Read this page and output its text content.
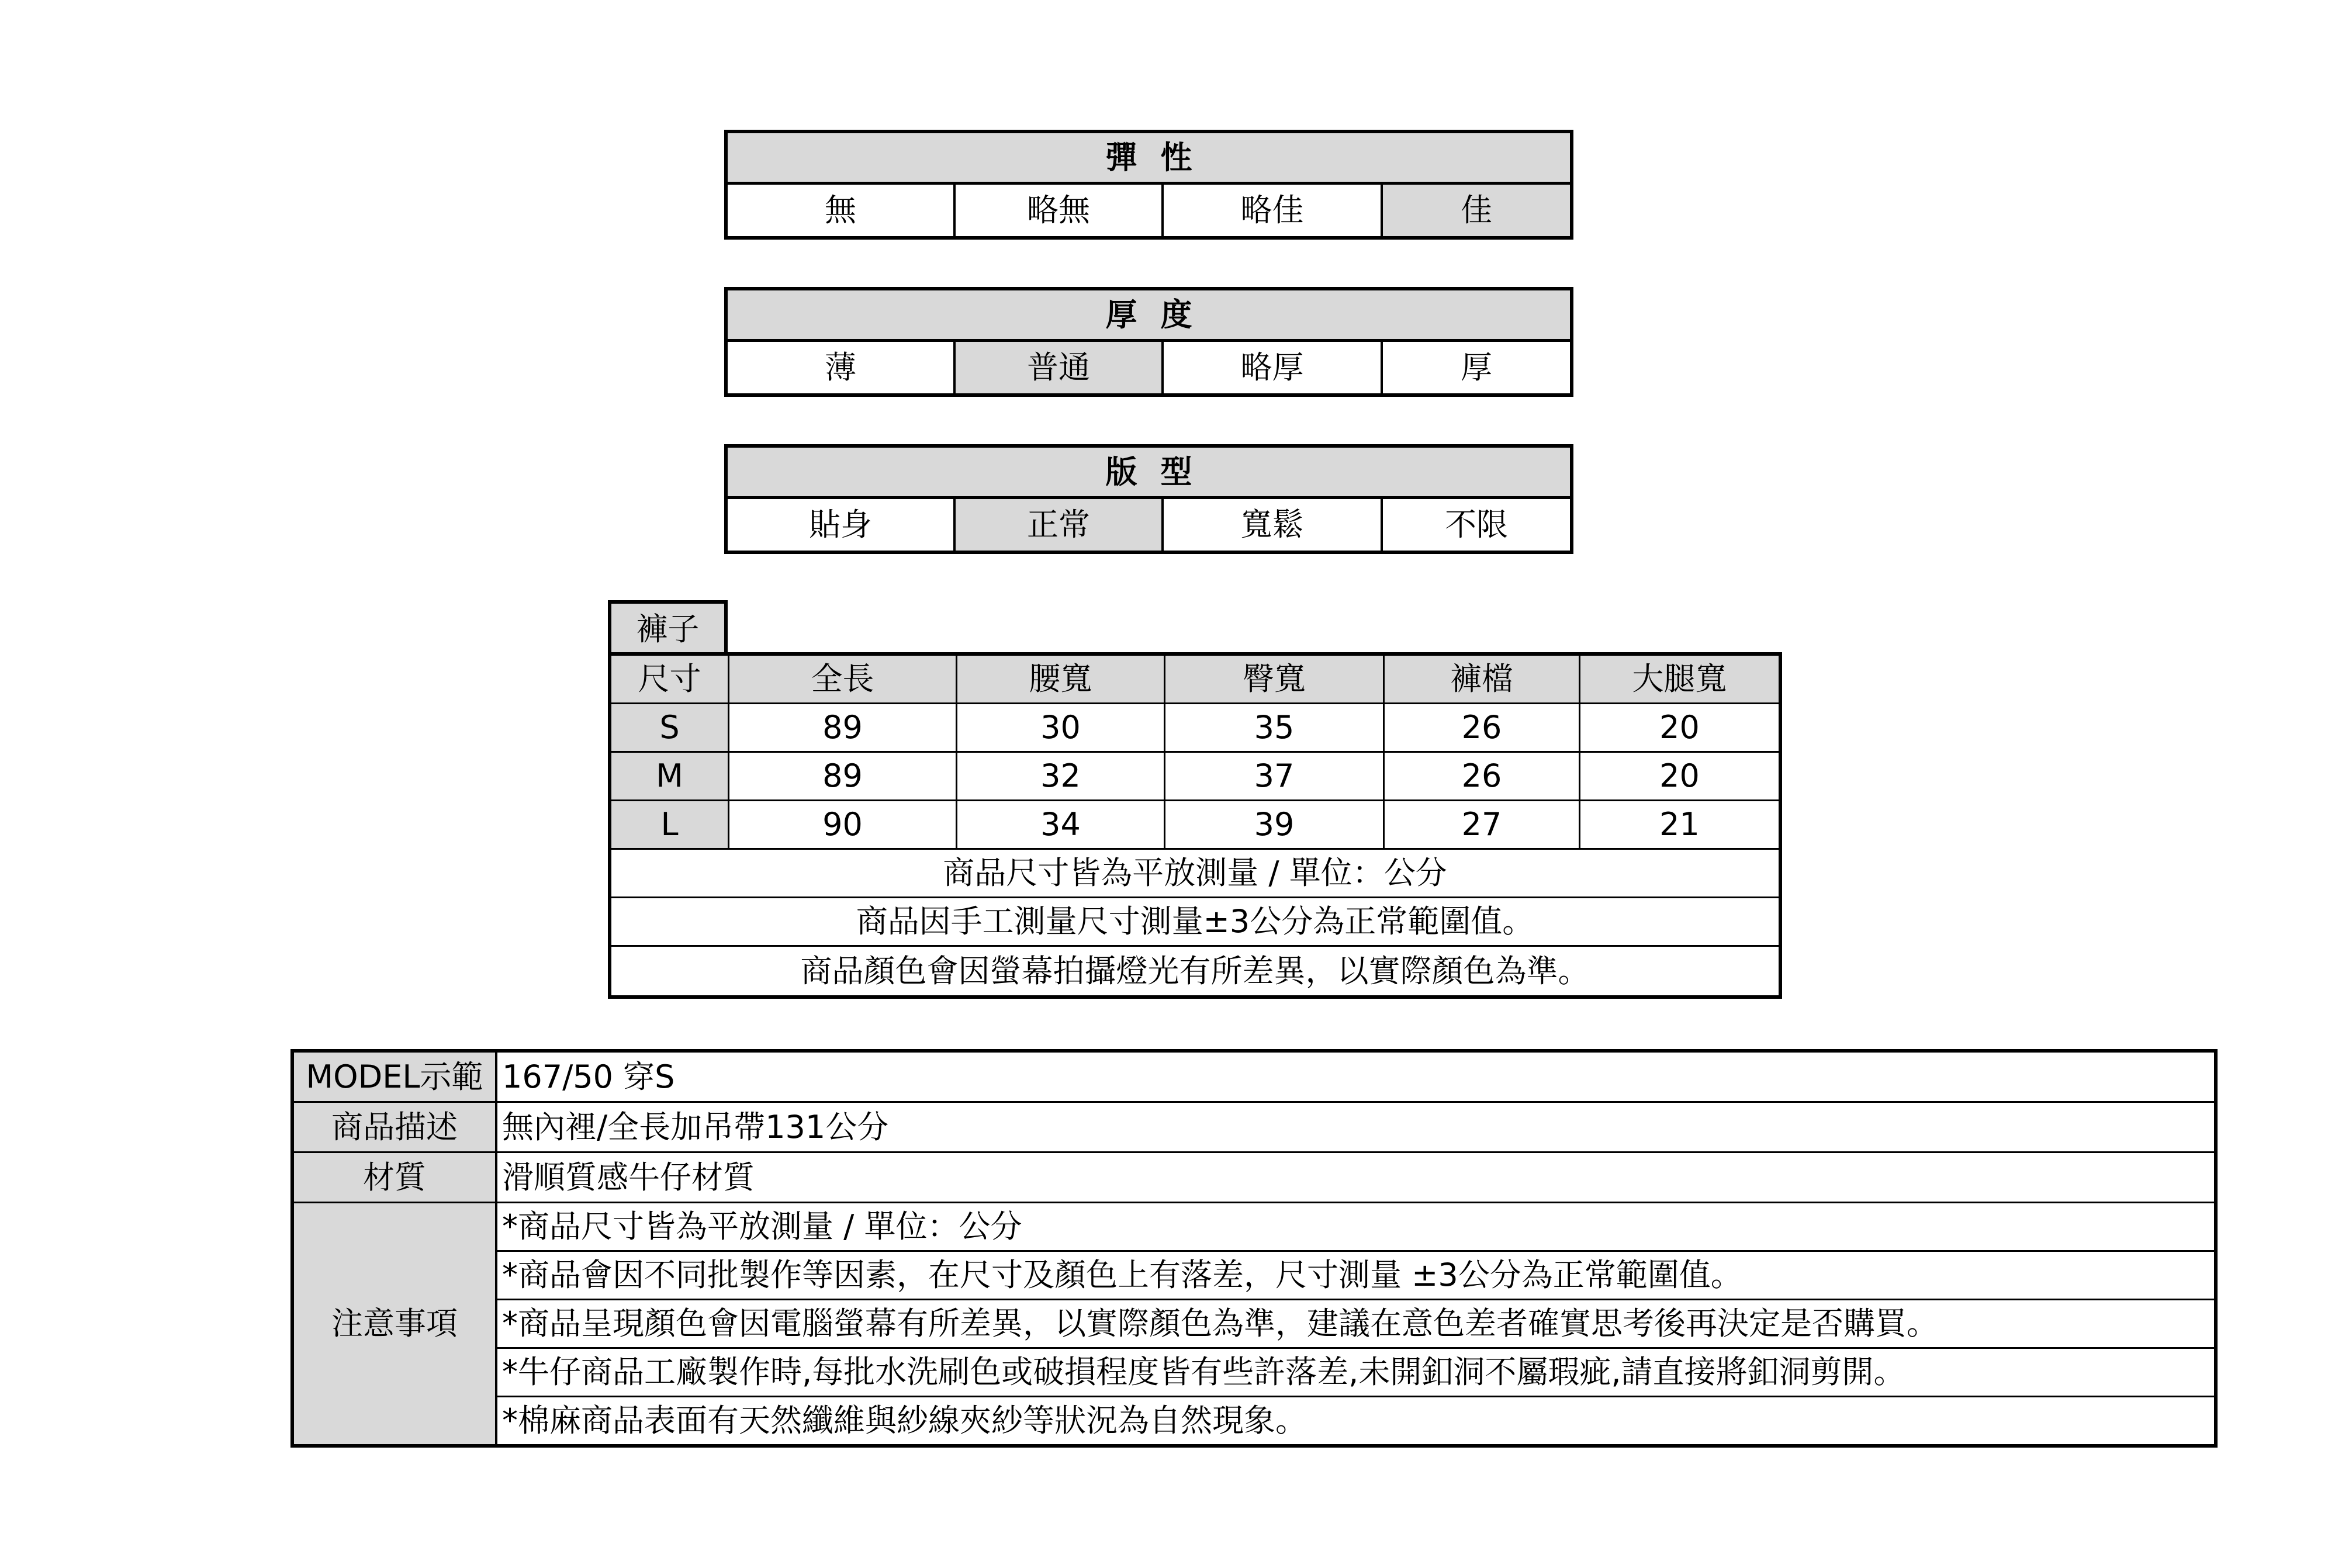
彈性
無	略無	略佳	佳
厚度
薄	普通	略厚	厚
版型
貼身	正常	寬鬆	不限
褲子
尺寸	全長	腰寬	臀寬	褲檔	大腿寬
S	89	30	35	26	20
M	89	32	37	26	20
L	90	34	39	27	21
商品尺寸皆為平放測量 / 單位：公分
商品因手工測量尺寸測量±3公分為正常範圍值。
商品顏色會因螢幕拍攝燈光有所差異，以實際顏色為準。
MODEL示範 167/50 穿S
商品描述	無內裡/全長加吊帶131公分
材質	滑順質感牛仔材質
注意事項
*商品尺寸皆為平放測量 / 單位：公分
*商品會因不同批製作等因素，在尺寸及顏色上有落差，尺寸測量 ±3公分為正常範圍值。
*商品呈現顏色會因電腦螢幕有所差異，以實際顏色為準，建議在意色差者確實思考後再決定是否購買。
*牛仔商品工廠製作時,每批水洗刷色或破損程度皆有些許落差,未開釦洞不屬瑕疵,請直接將釦洞剪開。
*棉麻商品表面有天然纖維與紗線夾紗等狀況為自然現象。
